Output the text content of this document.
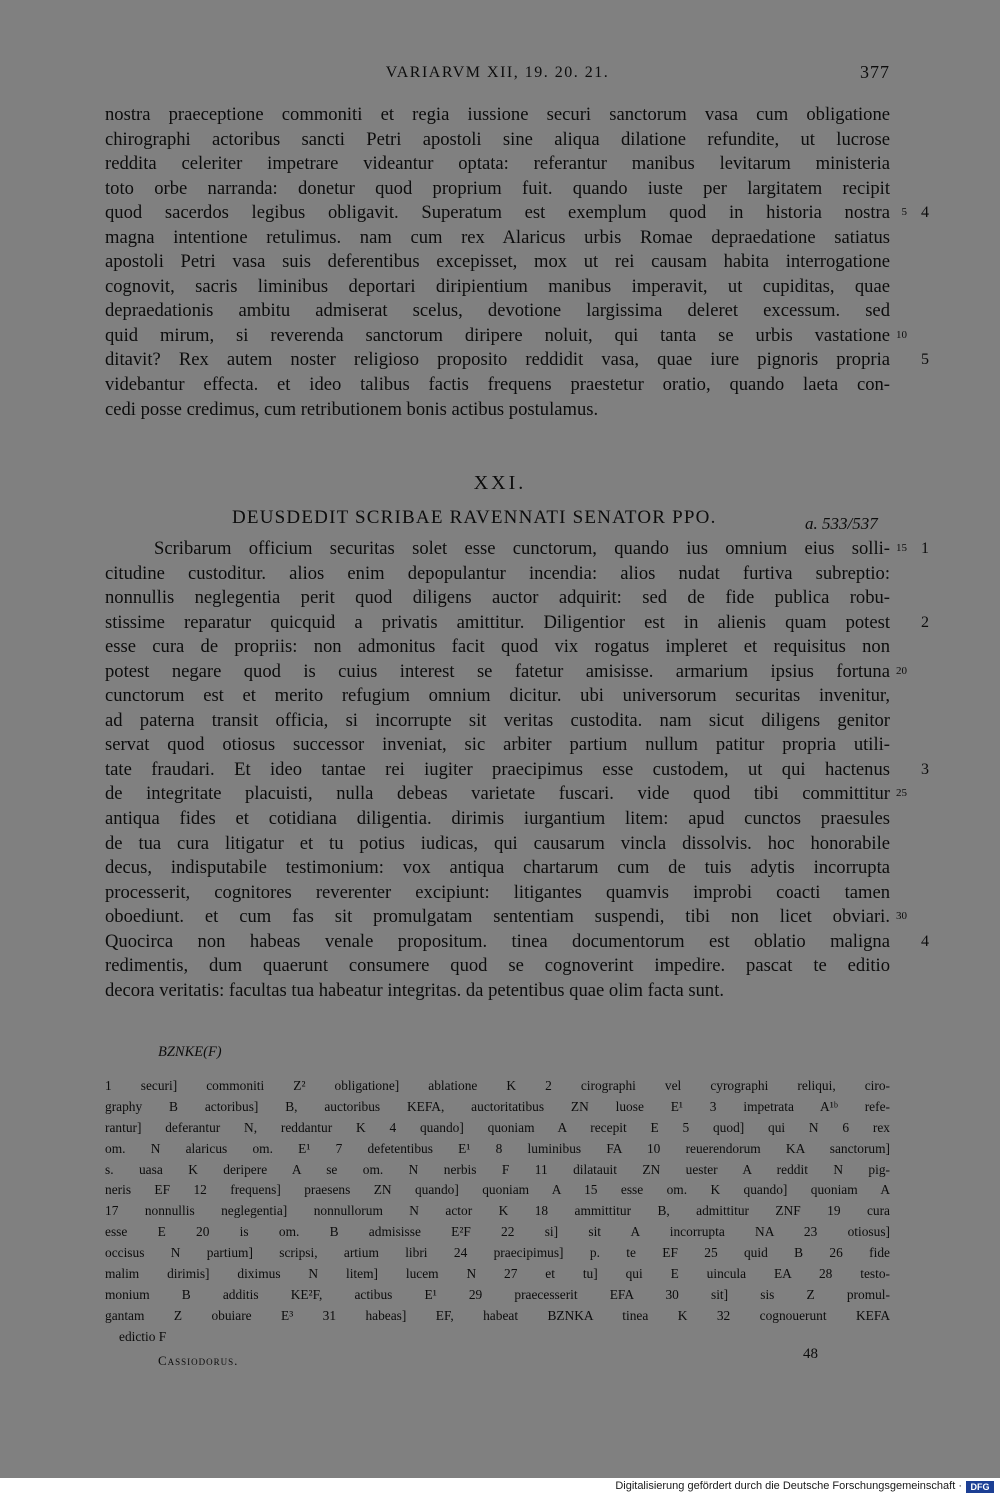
VARIARVM XII, 19. 20. 21.	377
nostra praeceptione commoniti et regia iussione securi sanctorum vasa cum obligatione
chirographi actoribus sancti Petri apostoli sine aliqua dilatione refundite, ut lucrose
reddita celeriter impetrare videantur optata: referantur manibus levitarum ministeria
toto orbe narranda: donetur quod proprium fuit. quando iuste per largitatem recipit
quod sacerdos legibus obligavit. Superatum est exemplum quod in historia nostra 5 4
magna intentione retulimus. nam cum rex Alaricus urbis Romae depraedatione satiatus
apostoli Petri vasa suis deferentibus excepisset, mox ut rei causam habita interrogatione
cognovit, sacris liminibus deportari diripientium manibus imperavit, ut cupiditas, quae
depraedationis ambitu admiserat scelus, devotione largissima deleret excessum. sed
quid mirum, si reverenda sanctorum diripere noluit, qui tanta se urbis vastatione 10
ditavit? Rex autem noster religioso proposito reddidit vasa, quae iure pignoris propria 5
videbantur effecta. et ideo talibus factis frequens praestetur oratio, quando laeta con-
cedi posse credimus, cum retributionem bonis actibus postulamus.
XXI.
DEUSDEDIT SCRIBAE RAVENNATI SENATOR PPO.	a. 533/537
Scribarum officium securitas solet esse cunctorum, quando ius omnium eius solli- 15 1
citudine custoditur. alios enim depopulantur incendia: alios nudat furtiva subreptio:
nonnullis neglegentia perit quod diligens auctor adquirit: sed de fide publica robu-
stissime reparatur quicquid a privatis amittitur. Diligentior est in alienis quam potest 2
esse cura de propriis: non admonitus facit quod vix rogatus impleret et requisitus non
potest negare quod is cuius interest se fatetur amisisse. armarium ipsius fortuna 20
cunctorum est et merito refugium omnium dicitur. ubi universorum securitas invenitur,
ad paterna transit officia, si incorrupte sit veritas custodita. nam sicut diligens genitor
servat quod otiosus successor inveniat, sic arbiter partium nullum patitur propria utili-
tate fraudari. Et ideo tantae rei iugiter praecipimus esse custodem, ut qui hactenus 3
de integritate placuisti, nulla debeas varietate fuscari. vide quod tibi committitur 25
antiqua fides et cotidiana diligentia. dirimis iurgantium litem: apud cunctos praesules
de tua cura litigatur et tu potius iudicas, qui causarum vincla dissolvis. hoc honorabile
decus, indisputabile testimonium: vox antiqua chartarum cum de tuis adytis incorrupta
processerit, cognitores reverenter excipiunt: litigantes quamvis improbi coacti tamen
oboediunt. et cum fas sit promulgatam sententiam suspendi, tibi non licet obviari. 30
Quocirca non habeas venale propositum. tinea documentorum est oblatio maligna 4
redimentis, dum quaerunt consumere quod se cognoverint impedire. pascat te editio
decora veritatis: facultas tua habeatur integritas. da petentibus quae olim facta sunt.
BZNKE(F)
1 securi] commoniti Z² obligatione] ablatione K 2 cirographi vel cyrographi reliqui, ciro-
graphy B actoribus] B, auctoribus KEFA, auctoritatibus ZN luose E¹ 3 impetrata A¹ᵇ refe-
rantur] deferantur N, reddantur K 4 quando] quoniam A recepit E 5 quod] qui N 6 rex
om. N alaricus om. E¹ 7 defetentibus E¹ 8 luminibus FA 10 reuerendorum KA sanctorum]
s. uasa K deripere A se om. N nerbis F 11 dilatauit ZN uester A reddit N pig-
neris EF 12 frequens] praesens ZN quando] quoniam A 15 esse om. K quando] quoniam A
17 nonnullis neglegentia] nonnullorum N actor K 18 ammittitur B, admittitur ZNF 19 cura
esse E 20 is om. B admisisse E²F 22 si] sit A incorrupta NA 23 otiosus]
occisus N partium] scripsi, artium libri 24 praecipimus] p. te EF 25 quid B 26 fide
malim dirimis] diximus N litem] lucem N 27 et tu] qui E uincula EA 28 testo-
monium B additis KE²F, actibus E¹ 29 praecesserit EFA 30 sit] sis Z promul-
gantam Z obuiare E³ 31 habeas] EF, habeat BZNKA tinea K 32 cognouerunt KEFA
edictio F
Cassiodorus.	48
Digitalisierung gefördert durch die Deutsche Forschungsgemeinschaft · DFG
